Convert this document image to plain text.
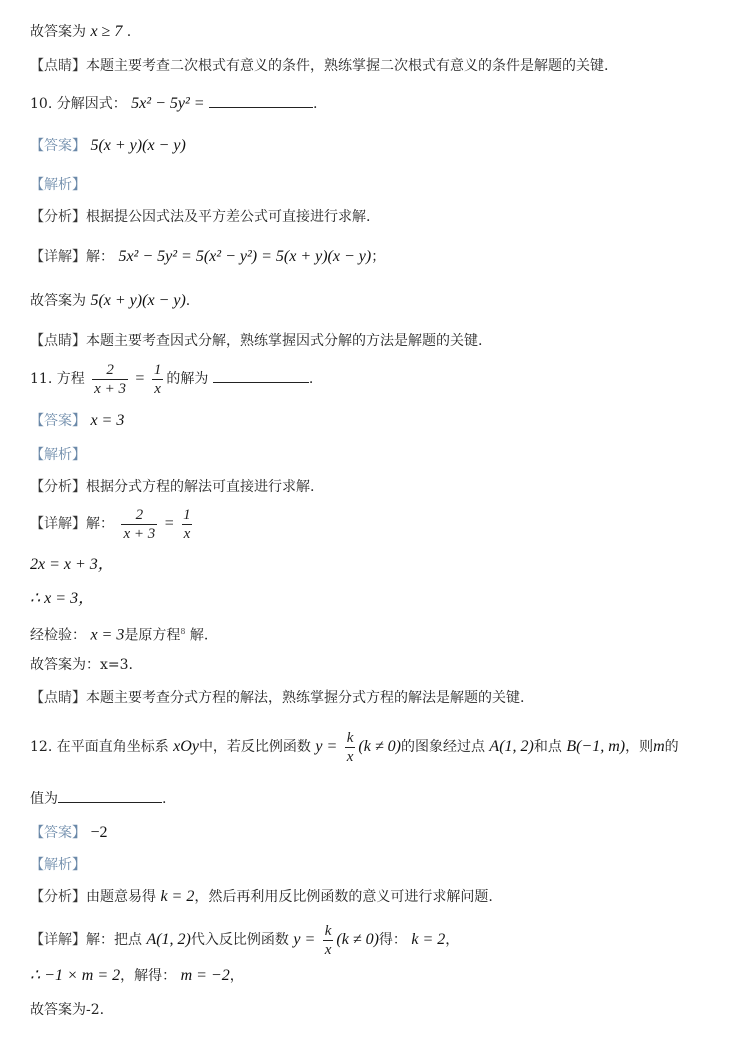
故答案为 x ≥ 7 .
【点睛】本题主要考查二次根式有意义的条件，熟练掌握二次根式有意义的条件是解题的关键.
10. 分解因式： 5x² − 5y² =	.
【答案】 5(x + y)(x − y)
【解析】
【分析】根据提公因式法及平方差公式可直接进行求解.
【详解】解： 5x² − 5y² = 5(x² − y²) = 5(x + y)(x − y)；
故答案为 5(x + y)(x − y).
【点睛】本题主要考查因式分解，熟练掌握因式分解的方法是解题的关键.
11. 方程 $\frac{2}{x + 3} = \frac{1}{x}$ 的解为	.
【答案】 x = 3
【解析】
【分析】根据分式方程的解法可直接进行求解.
【详解】解： $\frac{2}{x + 3} = \frac{1}{x}$
2x = x + 3，
∴ x = 3，
经检验： x = 3是原方程$^8$ 解.
故答案为：x=3.
【点睛】本题主要考查分式方程的解法，熟练掌握分式方程的解法是解题的关键.
12. 在平面直角坐标系 xOy中，若反比例函数 $y = \frac{k}{x} (k \ne 0)$的图象经过点 A(1, 2)和点 B(−1, m)，则m的
值为	.
【答案】 −2
【解析】
【分析】由题意易得 k = 2，然后再利用反比例函数的意义可进行求解问题.
【详解】解：把点 A(1, 2)代入反比例函数 $y = \frac{k}{x} (k \ne 0)$得： k = 2，
∴ −1 × m = 2，解得： m = −2，
故答案为-2.
